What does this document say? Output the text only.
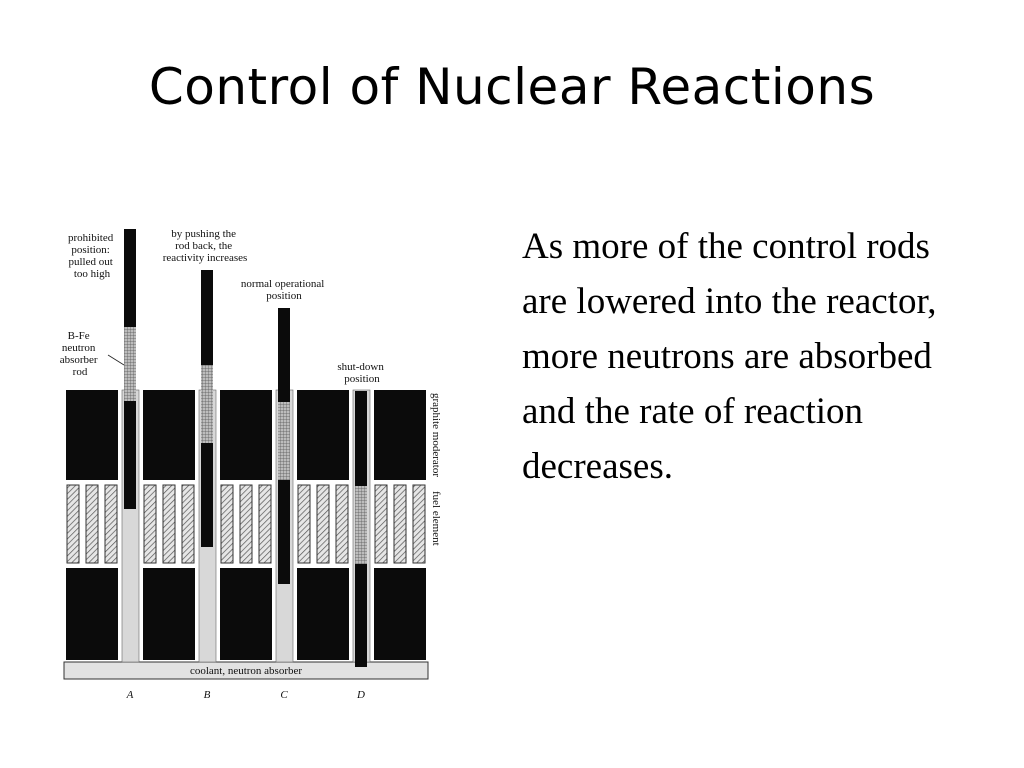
Control of Nuclear Reactions
As more of the control rods are lowered into the reactor, more neutrons are absorbed and the rate of reaction decreases.
prohibited position: pulled out too high
by pushing the rod back, the reactivity increases
normal operational position
shut-down position
B-Fe neutron absorber rod
graphite moderator
fuel element
coolant, neutron absorber
A	B	C	D
